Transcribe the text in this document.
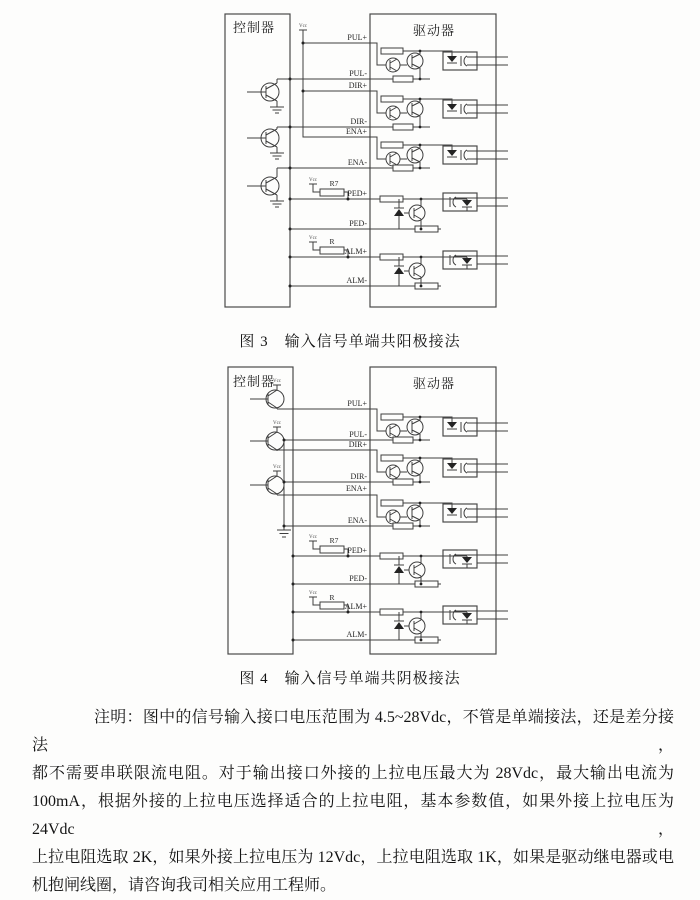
控制器	驱动器
Vcc
Vcc R7
Vcc R
PUL+
PUL-
DIR+
DIR-
ENA+
ENA-
PED+
PED-
ALM+
ALM-
控制器	驱动器
Vcc
Vcc
Vcc
Vcc R7
Vcc R
PUL+
PUL-
DIR+
DIR-
ENA+
ENA-
PED+
PED-
ALM+
ALM-
图 3　输入信号单端共阳极接法
图 4　输入信号单端共阴极接法
注明：图中的信号输入接口电压范围为 4.5~28Vdc，不管是单端接法，还是差分接法，
都不需要串联限流电阻。对于输出接口外接的上拉电压最大为 28Vdc，最大输出电流为
100mA，根据外接的上拉电压选择适合的上拉电阻，基本参数值，如果外接上拉电压为 24Vdc，
上拉电阻选取 2K，如果外接上拉电压为 12Vdc，上拉电阻选取 1K，如果是驱动继电器或电
机抱闸线圈，请咨询我司相关应用工程师。
